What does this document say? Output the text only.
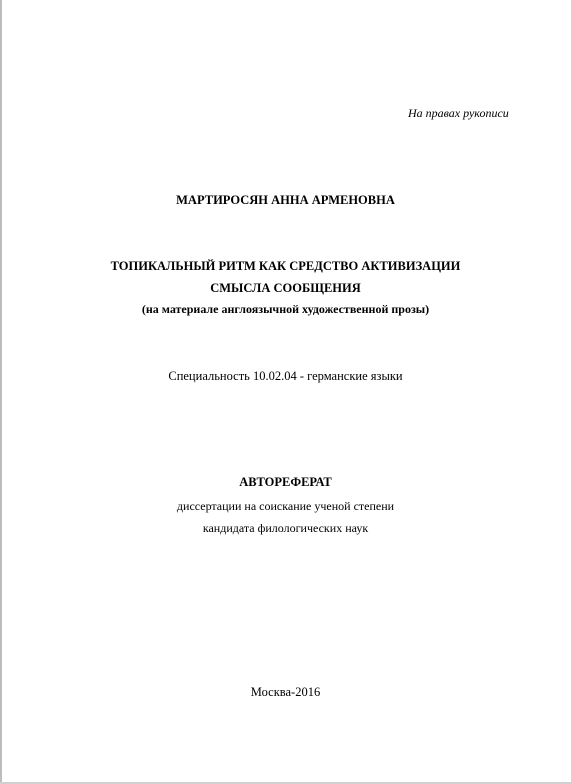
На правах рукописи
МАРТИРОСЯН АННА АРМЕНОВНА
ТОПИКАЛЬНЫЙ РИТМ КАК СРЕДСТВО АКТИВИЗАЦИИ
СМЫСЛА СООБЩЕНИЯ
(на материале англоязычной художественной прозы)
Специальность 10.02.04 - германские языки
АВТОРЕФЕРАТ
диссертации на соискание ученой степени
кандидата филологических наук
Москва-2016
